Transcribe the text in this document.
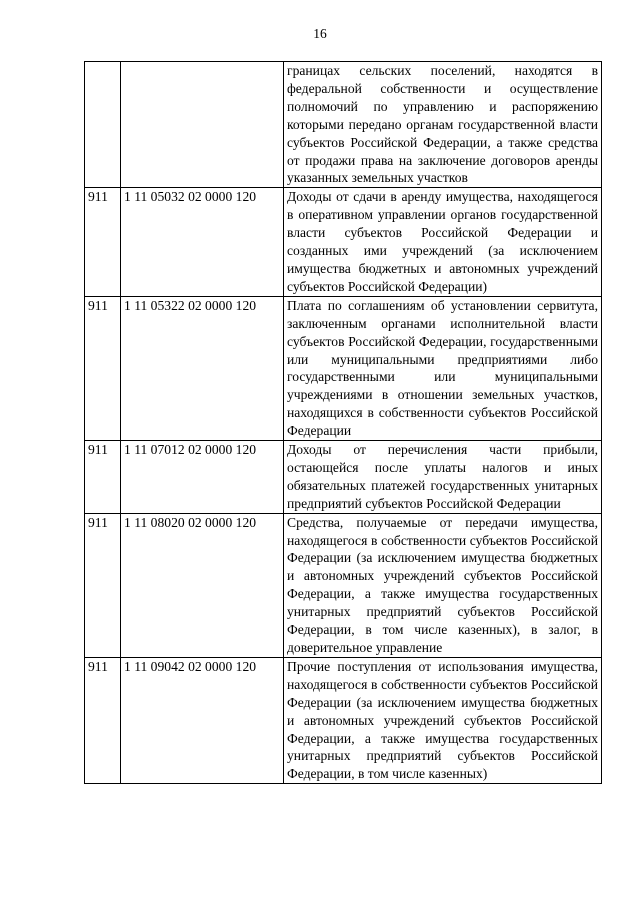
16
		границах сельских поселений, находятся в федеральной собственности и осуществление полномочий по управлению и распоряжению которыми передано органам государственной власти субъектов Российской Федерации, а также средства от продажи права на заключение договоров аренды указанных земельных участков
911	1 11 05032 02 0000 120	Доходы от сдачи в аренду имущества, находящегося в оперативном управлении органов государственной власти субъектов Российской Федерации и созданных ими учреждений (за исключением имущества бюджетных и автономных учреждений субъектов Российской Федерации)
911	1 11 05322 02 0000 120	Плата по соглашениям об установлении сервитута, заключенным органами исполнительной власти субъектов Российской Федерации, государственными или муниципальными предприятиями либо государственными или муниципальными учреждениями в отношении земельных участков, находящихся в собственности субъектов Российской Федерации
911	1 11 07012 02 0000 120	Доходы от перечисления части прибыли, остающейся после уплаты налогов и иных обязательных платежей государственных унитарных предприятий субъектов Российской Федерации
911	1 11 08020 02 0000 120	Средства, получаемые от передачи имущества, находящегося в собственности субъектов Российской Федерации (за исключением имущества бюджетных и автономных учреждений субъектов Российской Федерации, а также имущества государственных унитарных предприятий субъектов Российской Федерации, в том числе казенных), в залог, в доверительное управление
911	1 11 09042 02 0000 120	Прочие поступления от использования имущества, находящегося в собственности субъектов Российской Федерации (за исключением имущества бюджетных и автономных учреждений субъектов Российской Федерации, а также имущества государственных унитарных предприятий субъектов Российской Федерации, в том числе казенных)
